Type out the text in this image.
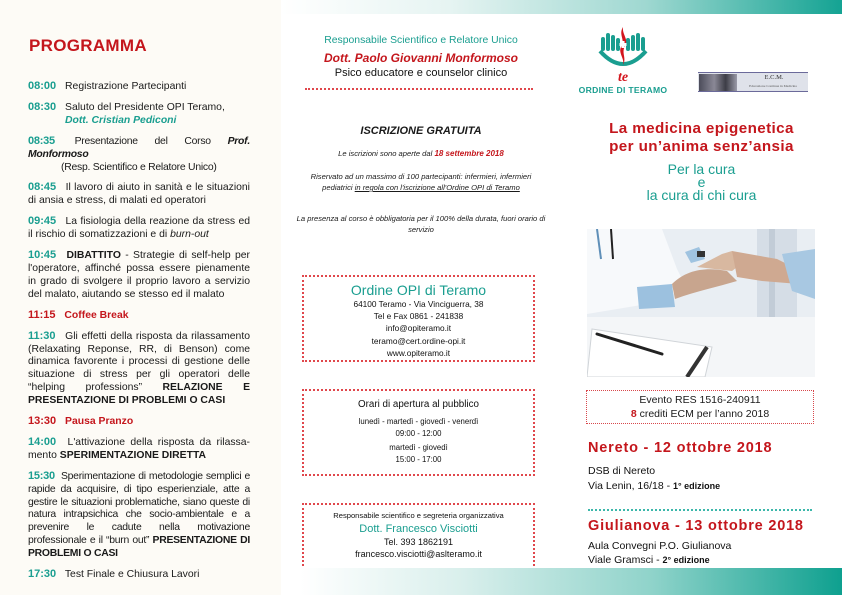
PROGRAMMA
08:00 Registrazione Partecipanti
08:30 Saluto del Presidente OPI Teramo,
Dott. Cristian Pediconi
08:35 Presentazione del Corso Prof. Monformoso
(Resp. Scientifico e Relatore Unico)
08:45 Il lavoro di aiuto in sanità e le situazioni di ansia e stress, di malati ed operatori
09:45 La fisiologia della reazione da stress ed il rischio di somatizzazioni e di burn-out
10:45 DIBATTITO - Strategie di self-help per l'operatore, affinché possa essere pienamente in grado di svolgere il proprio lavoro a servizio del malato, aiutando se stesso ed il malato
11:15 Coffee Break
11:30 Gli effetti della risposta da rilassamento (Relaxating Reponse, RR, di Benson) come dinamica favorente i processi di gestione delle situazione di stress per gli operatori delle “helping professions” RELAZIONE E PRESENTAZIONE DI PROBLEMI O CASI
13:30 Pausa Pranzo
14:00 L'attivazione della risposta da rilassa-mento SPERIMENTAZIONE DIRETTA
15:30 Sperimentazione di metodologie semplici e rapide da acquisire, di tipo esperienziale, atte a gestire le situazioni problematiche, siano queste di natura intrapsichica che socio-ambientale e a prevenire le cadute nella motivazione professionale e il “burn out” PRESENTAZIONE DI PROBLEMI O CASI
17:30 Test Finale e Chiusura Lavori
Responsabile Scientifico e Relatore Unico
Dott. Paolo Giovanni Monformoso
Psico educatore e counselor clinico
ISCRIZIONE GRATUITA
Le iscrizioni sono aperte dal 18 settembre 2018
Riservato ad un massimo di 100 partecipanti: infermieri, infermieri pediatrici in regola con l'iscrizione all'Ordine OPI di Teramo
La presenza al corso è obbligatoria per il 100% della durata, fuori orario di servizio
Ordine OPI di Teramo
64100 Teramo - Via Vinciguerra, 38
Tel e Fax 0861 - 241838
info@opiteramo.it
teramo@cert.ordine-opi.it
www.opiteramo.it
Orari di apertura al pubblico
lunedì - martedì - giovedì - venerdì
09:00 - 12:00
martedì - giovedì
15:00 - 17:00
Responsabile scientifico e segreteria organizzativa
Dott. Francesco Visciotti
Tel. 393 1862191
francesco.visciotti@aslteramo.it
te
ORDINE DI TERAMO
E.C.M.
Educazione Continua in Medicina
La medicina epigenetica
per un’anima senz’ansia
Per la cura
e
la cura di chi cura
Evento RES 1516-240911
8 crediti ECM per l’anno 2018
Nereto - 12 ottobre 2018
DSB di Nereto
Via Lenin, 16/18 - 1° edizione
Giulianova - 13 ottobre 2018
Aula Convegni P.O. Giulianova
Viale Gramsci - 2° edizione
